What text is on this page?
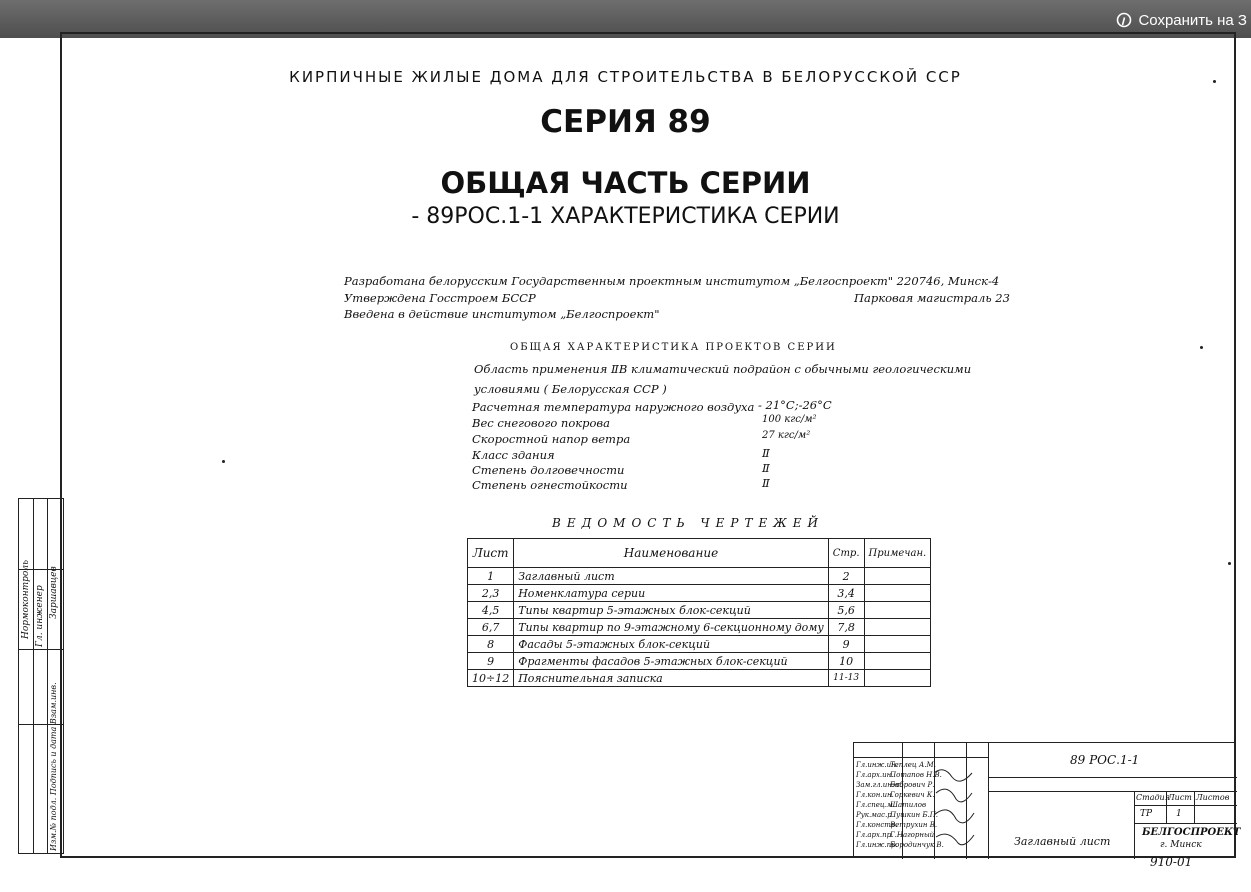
Сохранить на З
КИРПИЧНЫЕ ЖИЛЫЕ ДОМА ДЛЯ СТРОИТЕЛЬСТВА В БЕЛОРУССКОЙ ССР
СЕРИЯ 89
ОБЩАЯ ЧАСТЬ СЕРИИ
- 89РОС.1-1 ХАРАКТЕРИСТИКА СЕРИИ
Разработана белорусским Государственным проектным институтом „Белгоспроект" 220746, Минск-4
Утверждена Госстроем БССР	Парковая магистраль 23
Введена в действие институтом „Белгоспроект"
ОБЩАЯ ХАРАКТЕРИСТИКА ПРОЕКТОВ СЕРИИ
Область применения ⅡВ климатический подрайон с обычными геологическими
условиями ( Белорусская ССР )
Расчетная температура наружного воздуха - 21°С;-26°С
Вес снегового покрова	100 кгс/м²
Скоростной напор ветра	27 кгс/м²
Класс здания	Ⅱ
Степень долговечности	Ⅱ
Степень огнестойкости	Ⅱ
ВЕДОМОСТЬ ЧЕРТЕЖЕЙ
Лист	Наименование	Стр.	Примечан.
1	Заглавный лист	2	
2,3	Номенклатура серии	3,4	
4,5	Типы квартир 5-этажных блок-секций	5,6	
6,7	Типы квартир по 9-этажному 6-секционному дому	7,8	
8	Фасады 5-этажных блок-секций	9	
9	Фрагменты фасадов 5-этажных блок-секций	10	
10÷12	Пояснительная записка	11-13	
Нормоконтроль Гл. инженер Заршавцев
Изм.№ подл. Подпись и дата Взам.инв.	89 РОС.1-1
Заглавный лист
Стадия
Лист Листов
ТР	1
БЕЛГОСПРОЕКТ
г. Минск
Гл.инж.ин.
Теплец А.М.
Гл.арх.ин.
Потапов Н.В.
Зам.гл.инж.
Бобрович Р.
Гл.кон.ин.
Горкевич К.
Гл.спец.м.
Шатилов
Рук.мас.р.
Пушкин Б.П.
Гл.констр.
Ветрухин В.
Гл.арх.пр.
Г.Нагорный
Гл.инж.пр.
Бородинчук В.
910-01
